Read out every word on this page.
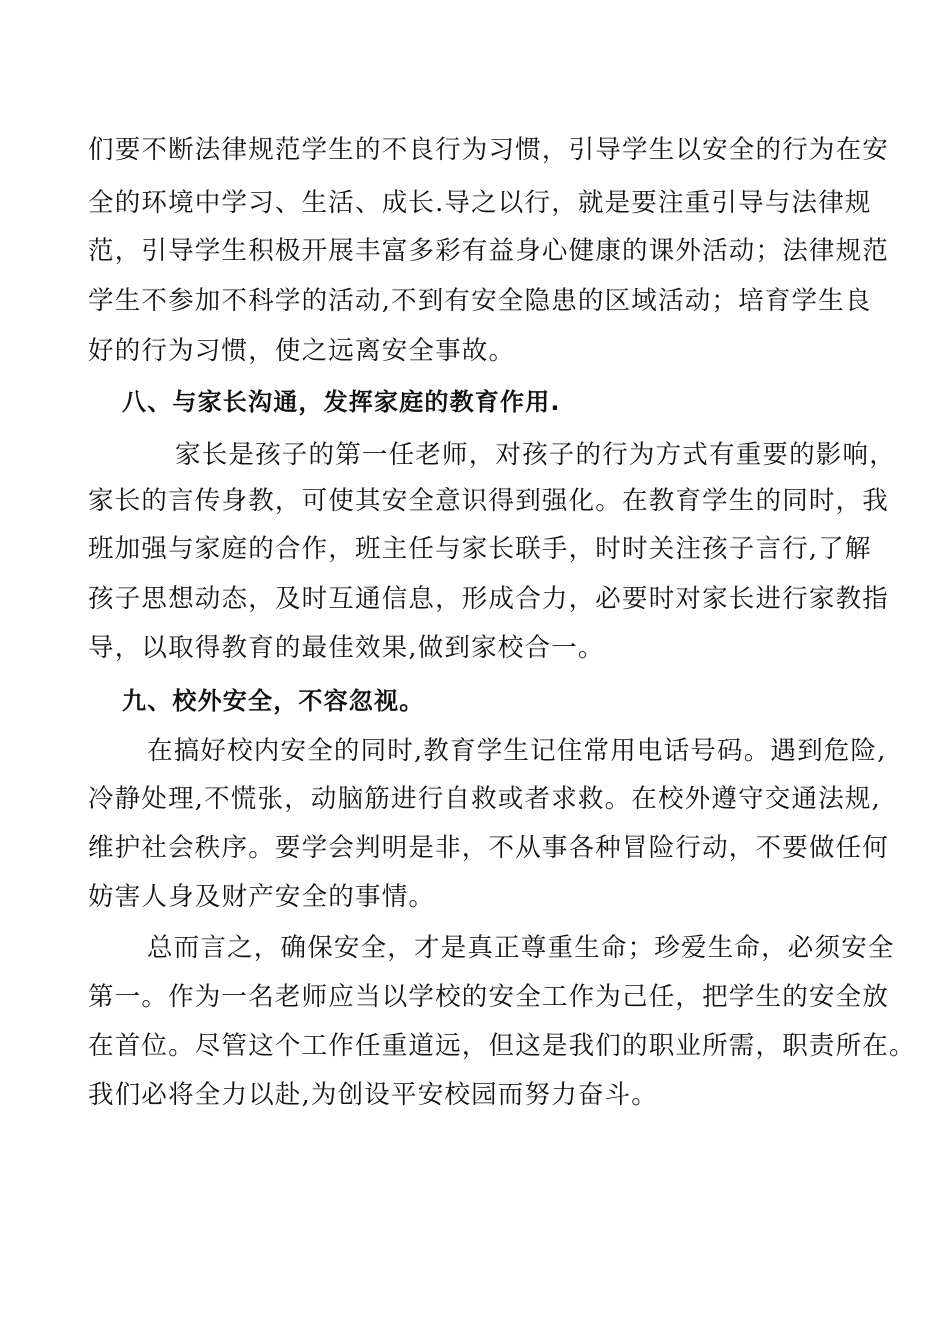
们要不断法律规范学生的不良行为习惯，引导学生以安全的行为在安
全的环境中学习、生活、成长.导之以行，就是要注重引导与法律规
范，引导学生积极开展丰富多彩有益身心健康的课外活动；法律规范
学生不参加不科学的活动,不到有安全隐患的区域活动；培育学生良
好的行为习惯，使之远离安全事故。
八、与家长沟通，发挥家庭的教育作用.
家长是孩子的第一任老师，对孩子的行为方式有重要的影响，
家长的言传身教，可使其安全意识得到强化。在教育学生的同时，我
班加强与家庭的合作，班主任与家长联手，时时关注孩子言行,了解
孩子思想动态，及时互通信息，形成合力，必要时对家长进行家教指
导，以取得教育的最佳效果,做到家校合一。
九、校外安全，不容忽视。
在搞好校内安全的同时,教育学生记住常用电话号码。遇到危险,
冷静处理,不慌张，动脑筋进行自救或者求救。在校外遵守交通法规,
维护社会秩序。要学会判明是非，不从事各种冒险行动，不要做任何
妨害人身及财产安全的事情。
总而言之，确保安全，才是真正尊重生命；珍爱生命，必须安全
第一。作为一名老师应当以学校的安全工作为己任，把学生的安全放
在首位。尽管这个工作任重道远，但这是我们的职业所需，职责所在。
我们必将全力以赴,为创设平安校园而努力奋斗。
